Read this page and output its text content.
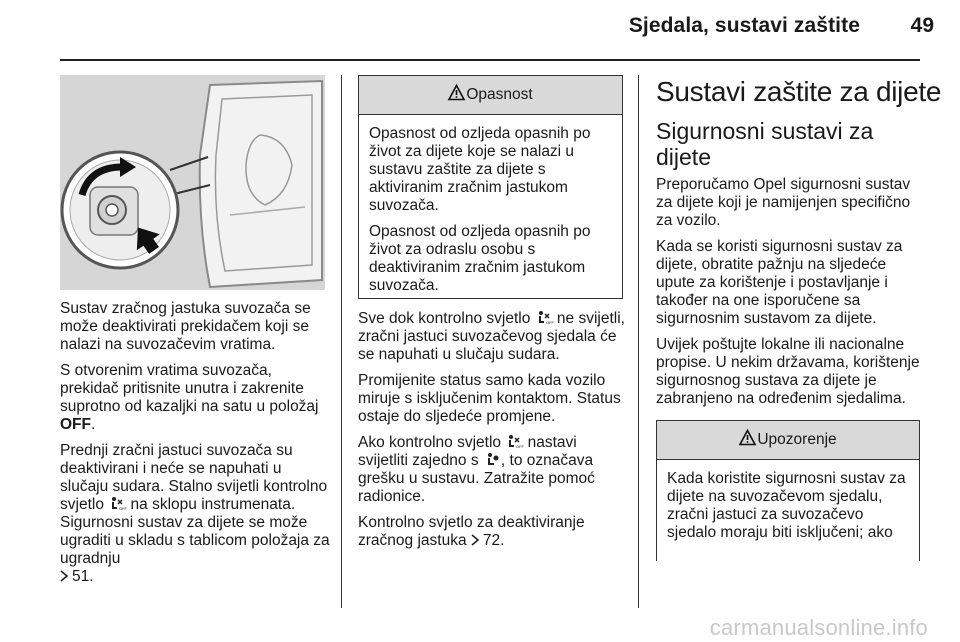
Sjedala, sustavi zaštite 49

Sustav zračnog jastuka suvozača se može deaktivirati prekidačem koji se nalazi na suvozačevim vratima.

S otvorenim vratima suvozača, prekidač pritisnite unutra i zakrenite suprotno od kazaljki na satu u položaj OFF.

Prednji zračni jastuci suvozača su deaktivirani i neće se napuhati u slučaju sudara. Stalno svijetli kontrolno svjetlo	OFF na sklopu instrumenata. Sigurnosni sustav za dijete se može ugraditi u skladu s tablicom položaja za ugradnju
51.

Opasnost

Opasnost od ozljeda opasnih po život za dijete koje se nalazi u sustavu zaštite za dijete s aktiviranim zračnim jastukom suvozača.

Opasnost od ozljeda opasnih po život za odraslu osobu s deaktiviranim zračnim jastukom suvozača.

Sve dok kontrolno svjetlo	OFF ne svijetli, zračni jastuci suvozačevog sjedala će se napuhati u slučaju sudara.

Promijenite status samo kada vozilo miruje s isključenim kontaktom. Status ostaje do sljedeće promjene.

Ako kontrolno svjetlo	OFF nastavi svijetliti zajedno s , to označava grešku u sustavu. Zatražite pomoć radionice.

Kontrolno svjetlo za deaktiviranje zračnog jastuka 72.

Sustavi zaštite za dijete
Sigurnosni sustavi za dijete

Preporučamo Opel sigurnosni sustav za dijete koji je namijenjen specifično za vozilo.

Kada se koristi sigurnosni sustav za dijete, obratite pažnju na sljedeće upute za korištenje i postavljanje i također na one isporučene sa sigurnosnim sustavom za dijete.

Uvijek poštujte lokalne ili nacionalne propise. U nekim državama, korištenje sigurnosnog sustava za dijete je zabranjeno na određenim sjedalima.

Upozorenje

Kada koristite sigurnosni sustav za dijete na suvozačevom sjedalu, zračni jastuci za suvozačevo sjedalo moraju biti isključeni; ako

carmanualsonline.info
